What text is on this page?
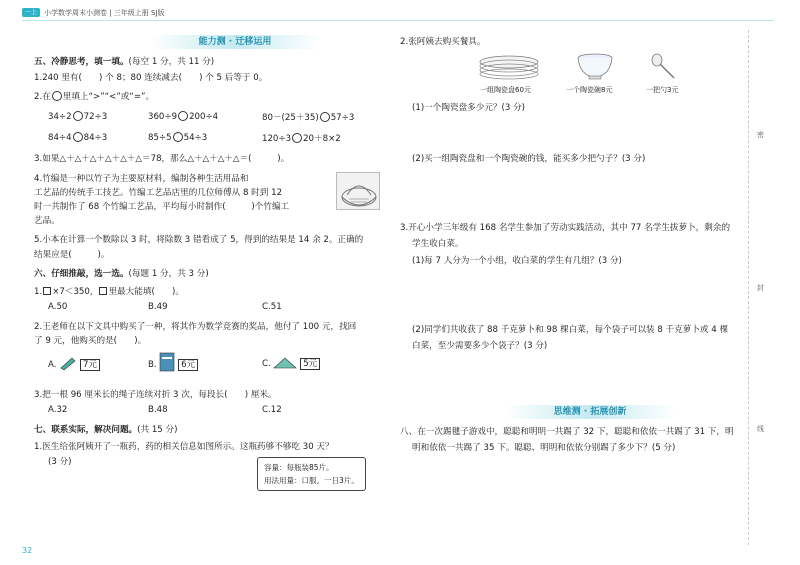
一上	小学数学周末小测卷 | 三年级上册 SJ版
能力测 · 迁移运用
五、冷静思考，填一填。(每空 1 分，共 11 分)
1.240 里有(　　) 个 8；80 连续减去(　　) 个 5 后等于 0。
2.在 里填上“>”“<”或“=”。
34÷2 72÷3	360÷9 200÷4	80－(25＋35) 57÷3
84÷4 84÷3	85÷5 54÷3	120÷3 20＋8×2
3.如果△＋△＋△＋△＋△＋△＝78，那么△＋△＋△＋△＝(　　　)。
4.竹编是一种以竹子为主要原材料，编制各种生活用品和
工艺品的传统手工技艺。竹编工艺品店里的几位师傅从 8 时到 12
时一共制作了 68 个竹编工艺品，平均每小时制作(　　　)个竹编工
艺品。
5.小本在计算一个数除以 3 时，将除数 3 错看成了 5，得到的结果是 14 余 2。正确的
结果应是(　　　)。
六、仔细推敲，选一选。(每题 1 分，共 3 分)
1. ×7＜350， 里最大能填(　　)。
A.50	B.49	C.51
2.王老师在以下文具中购买了一种，将其作为数学竞赛的奖品，他付了 100 元，找回
了 9 元，他购买的是(　　)。
A.	7元	B.	6元	C.	5元
3.把一根 96 厘米长的绳子连续对折 3 次，每段长(　　) 厘米。
A.32	B.48	C.12
七、联系实际，解决问题。(共 15 分)
1.医生给张阿姨开了一瓶药，药的相关信息如图所示。这瓶药够不够吃 30 天？
(3 分)
容量：每瓶装85片。
用法用量：口服。一日3片。
32
2.张阿姨去购买餐具。
一组陶瓷盘60元	一个陶瓷碗8元	一把勺3元
(1)一个陶瓷盘多少元？(3 分)
(2)买一组陶瓷盘和一个陶瓷碗的钱，能买多少把勺子？(3 分)
3.开心小学三年级有 168 名学生参加了劳动实践活动，其中 77 名学生拔萝卜，剩余的
学生收白菜。
(1)每 7 人分为一个小组，收白菜的学生有几组？(3 分)
(2)同学们共收获了 88 千克萝卜和 98 棵白菜，每个袋子可以装 8 千克萝卜或 4 棵
白菜，至少需要多少个袋子？(3 分)
思维测 · 拓展创新
八、在一次踢毽子游戏中，聪聪和明明一共踢了 32 下，聪聪和依依一共踢了 31 下，明
明和依依一共踢了 35 下。聪聪、明明和依依分别踢了多少下？(5 分)
密
封
线
